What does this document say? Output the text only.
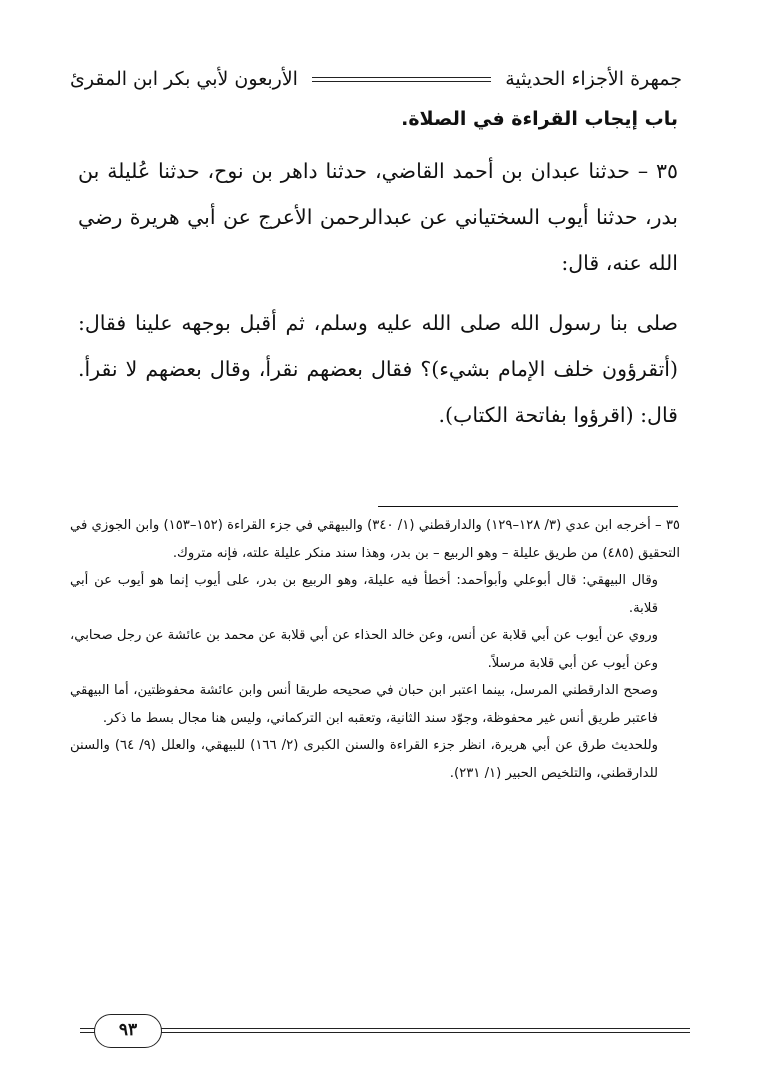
جمهرة الأجزاء الحديثية
الأربعون لأبي بكر ابن المقرئ
باب إيجاب القراءة في الصلاة.

٣٥ – حدثنا عبدان بن أحمد القاضي، حدثنا داهر بن نوح، حدثنا عُليلة بن بدر، حدثنا أيوب السختياني عن عبدالرحمن الأعرج عن أبي هريرة رضي الله عنه، قال:

صلى بنا رسول الله صلى الله عليه وسلم، ثم أقبل بوجهه علينا فقال: (أتقرؤون خلف الإمام بشيء)؟ فقال بعضهم نقرأ، وقال بعضهم لا نقرأ. قال: (اقرؤوا بفاتحة الكتاب).

٣٥ – أخرجه ابن عدي (٣/ ١٢٨–١٢٩) والدارقطني (١/ ٣٤٠) والبيهقي في جزء القراءة (١٥٢–١٥٣) وابن الجوزي في التحقيق (٤٨٥) من طريق عليلة – وهو الربيع – بن بدر، وهذا سند منكر عليلة علته، فإنه متروك.

وقال البيهقي: قال أبوعلي وأبوأحمد: أخطأ فيه عليلة، وهو الربيع بن بدر، على أيوب إنما هو أيوب عن أبي قلابة.

وروي عن أيوب عن أبي قلابة عن أنس، وعن خالد الحذاء عن أبي قلابة عن محمد بن عائشة عن رجل صحابي، وعن أيوب عن أبي قلابة مرسلاً.

وصحح الدارقطني المرسل، بينما اعتبر ابن حبان في صحيحه طريقا أنس وابن عائشة محفوظتين، أما البيهقي فاعتبر طريق أنس غير محفوظة، وجوّد سند الثانية، وتعقبه ابن التركماني، وليس هنا مجال بسط ما ذكر.

وللحديث طرق عن أبي هريرة، انظر جزء القراءة والسنن الكبرى (٢/ ١٦٦) للبيهقي، والعلل (٩/ ٦٤) والسنن للدارقطني، والتلخيص الحبير (١/ ٢٣١).

٩٣
